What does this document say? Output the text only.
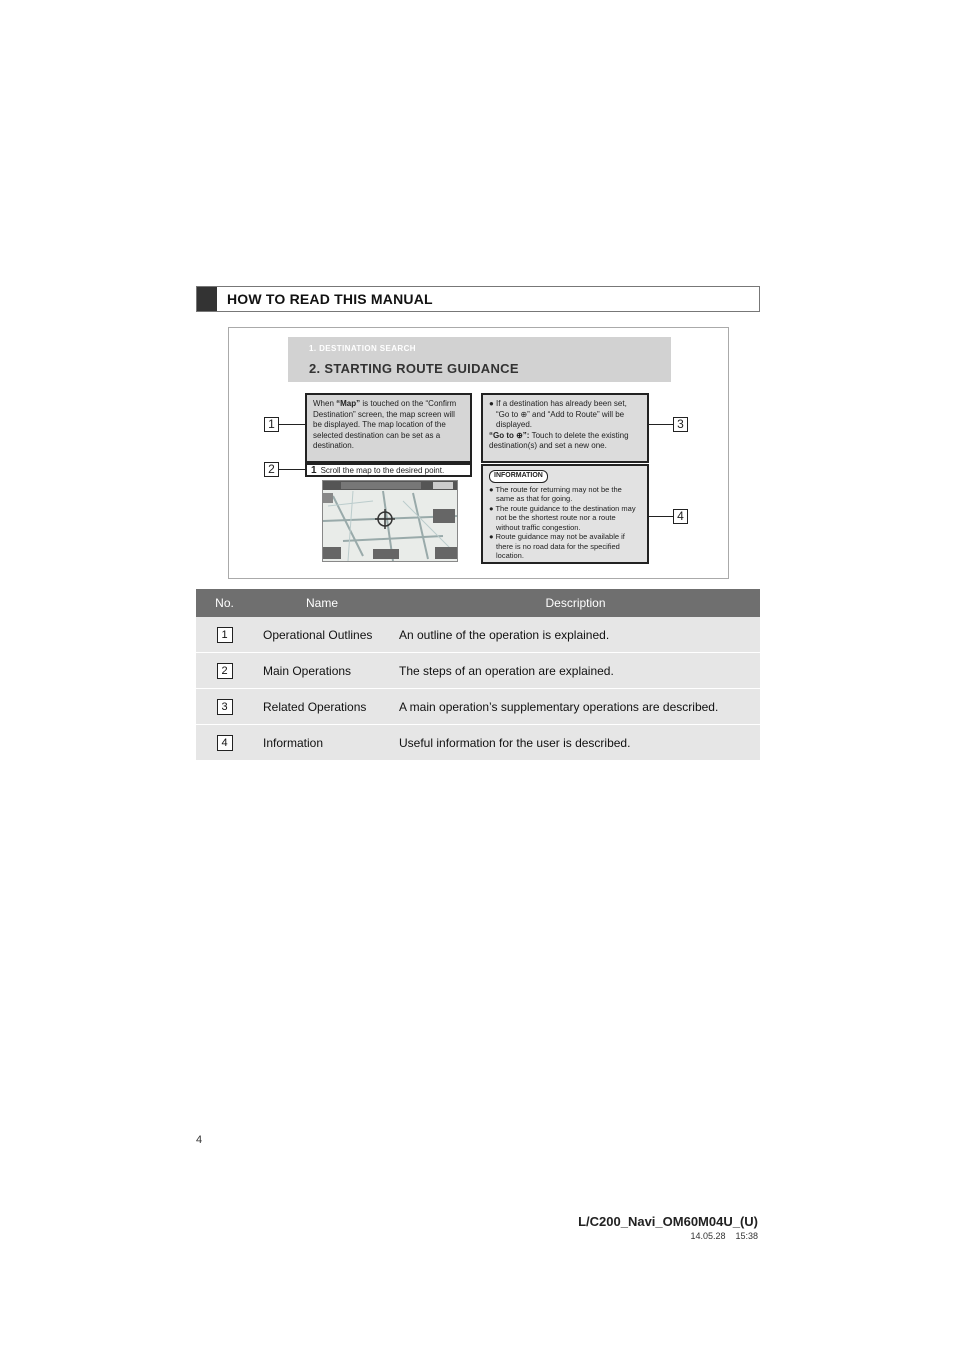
HOW TO READ THIS MANUAL
1. DESTINATION SEARCH
2. STARTING ROUTE GUIDANCE
When “Map” is touched on the “Confirm Destination” screen, the map screen will be displayed. The map location of the selected destination can be set as a destination.
● If a destination has already been set, “Go to ⊕” and “Add to Route” will be displayed.
“Go to ⊕”: Touch to delete the existing destination(s) and set a new one.
1 Scroll the map to the desired point.
INFORMATION
● The route for returning may not be the same as that for going.
● The route guidance to the destination may not be the shortest route nor a route without traffic congestion.
● Route guidance may not be available if there is no road data for the specified location.
1
2
3
4
No.	Name	Description
1	Operational Outlines	An outline of the operation is explained.
2	Main Operations	The steps of an operation are explained.
3	Related Operations	A main operation’s supplementary operations are described.
4	Information	Useful information for the user is described.
4
L/C200_Navi_OM60M04U_(U)
14.05.28    15:38
